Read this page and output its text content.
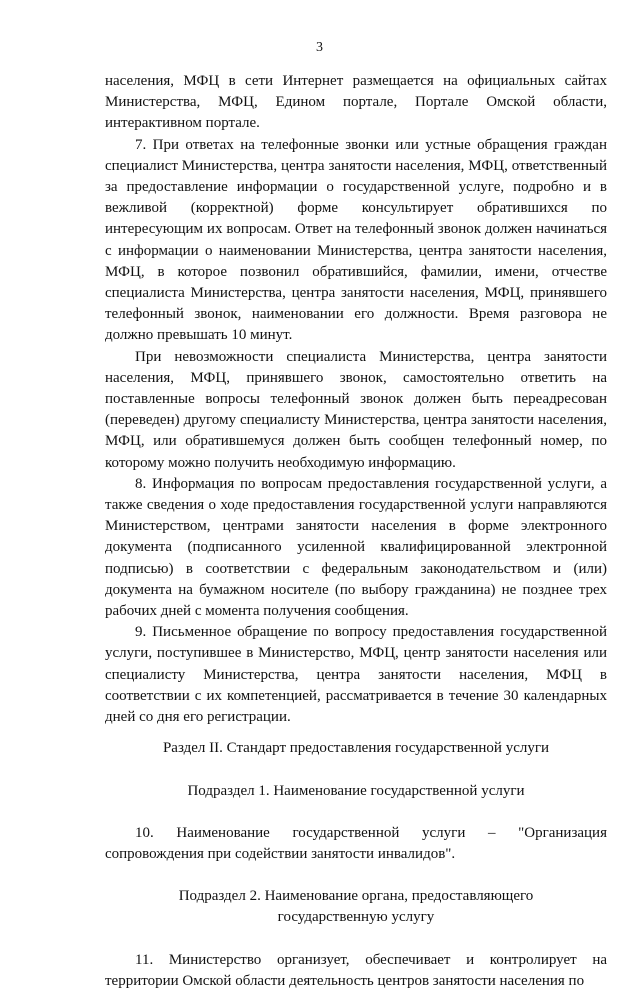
3

населения, МФЦ в сети Интернет размещается на официальных сайтах Министерства, МФЦ, Едином портале, Портале Омской области, интерактивном портале.

7. При ответах на телефонные звонки или устные обращения граждан специалист Министерства, центра занятости населения, МФЦ, ответственный за предоставление информации о государственной услуге, подробно и в вежливой (корректной) форме консультирует обратившихся по интересующим их вопросам. Ответ на телефонный звонок должен начинаться с информации о наименовании Министерства, центра занятости населения, МФЦ, в которое позвонил обратившийся, фамилии, имени, отчестве специалиста Министерства, центра занятости населения, МФЦ, принявшего телефонный звонок, наименовании его должности. Время разговора не должно превышать 10 минут.

При невозможности специалиста Министерства, центра занятости населения, МФЦ, принявшего звонок, самостоятельно ответить на поставленные вопросы телефонный звонок должен быть переадресован (переведен) другому специалисту Министерства, центра занятости населения, МФЦ, или обратившемуся должен быть сообщен телефонный номер, по которому можно получить необходимую информацию.

8. Информация по вопросам предоставления государственной услуги, а также сведения о ходе предоставления государственной услуги направляются Министерством, центрами занятости населения в форме электронного документа (подписанного усиленной квалифицированной электронной подписью) в соответствии с федеральным законодательством и (или) документа на бумажном носителе (по выбору гражданина) не позднее трех рабочих дней с момента получения сообщения.

9. Письменное обращение по вопросу предоставления государственной услуги, поступившее в Министерство, МФЦ, центр занятости населения или специалисту Министерства, центра занятости населения, МФЦ в соответствии с их компетенцией, рассматривается в течение 30 календарных дней со дня его регистрации.

Раздел II. Стандарт предоставления государственной услуги

Подраздел 1. Наименование государственной услуги

10. Наименование государственной услуги – "Организация сопровождения при содействии занятости инвалидов".

Подраздел 2. Наименование органа, предоставляющего

государственную услугу

11. Министерство организует, обеспечивает и контролирует на территории Омской области деятельность центров занятости населения по
